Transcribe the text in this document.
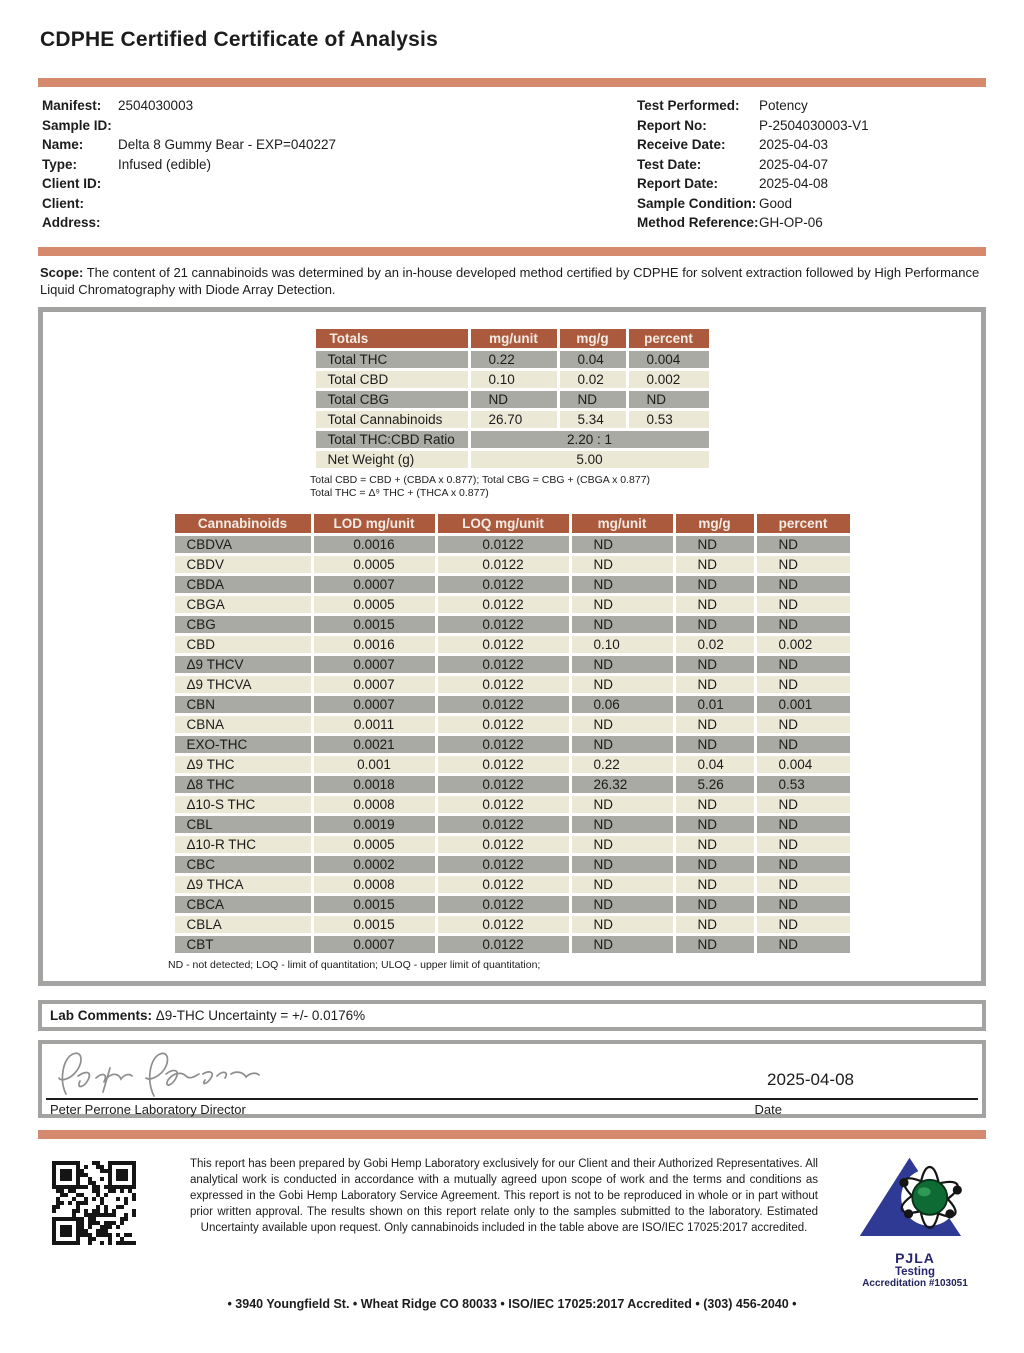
CDPHE Certified Certificate of Analysis
Manifest:	2504030003
Sample ID:
Name:	Delta 8 Gummy Bear - EXP=040227
Type:	Infused (edible)
Client ID:
Client:
Address:
Test Performed:	Potency
Report No:	P-2504030003-V1
Receive Date:	2025-04-03
Test Date:	2025-04-07
Report Date:	2025-04-08
Sample Condition: Good
Method Reference: GH-OP-06
Scope: The content of 21 cannabinoids was determined by an in-house developed method certified by CDPHE for solvent extraction followed by High Performance Liquid Chromatography with Diode Array Detection.
Totals	mg/unit	mg/g	percent
Total THC	0.22	0.04	0.004
Total CBD	0.10	0.02	0.002
Total CBG	ND	ND	ND
Total Cannabinoids	26.70	5.34	0.53
Total THC:CBD Ratio	2.20 : 1		
Net Weight (g)	5.00		
Total CBD = CBD + (CBDA x 0.877); Total CBG = CBG + (CBGA x 0.877)
Total THC = Δ⁹ THC + (THCA x 0.877)
Cannabinoids	LOD mg/unit	LOQ mg/unit	mg/unit	mg/g	percent
CBDVA	0.0016	0.0122	ND	ND	ND
CBDV	0.0005	0.0122	ND	ND	ND
CBDA	0.0007	0.0122	ND	ND	ND
CBGA	0.0005	0.0122	ND	ND	ND
CBG	0.0015	0.0122	ND	ND	ND
CBD	0.0016	0.0122	0.10	0.02	0.002
Δ9 THCV	0.0007	0.0122	ND	ND	ND
Δ9 THCVA	0.0007	0.0122	ND	ND	ND
CBN	0.0007	0.0122	0.06	0.01	0.001
CBNA	0.0011	0.0122	ND	ND	ND
EXO-THC	0.0021	0.0122	ND	ND	ND
Δ9 THC	0.001	0.0122	0.22	0.04	0.004
Δ8 THC	0.0018	0.0122	26.32	5.26	0.53
Δ10-S THC	0.0008	0.0122	ND	ND	ND
CBL	0.0019	0.0122	ND	ND	ND
Δ10-R THC	0.0005	0.0122	ND	ND	ND
CBC	0.0002	0.0122	ND	ND	ND
Δ9 THCA	0.0008	0.0122	ND	ND	ND
CBCA	0.0015	0.0122	ND	ND	ND
CBLA	0.0015	0.0122	ND	ND	ND
CBT	0.0007	0.0122	ND	ND	ND
ND - not detected; LOQ - limit of quantitation; ULOQ - upper limit of quantitation;
Lab Comments: Δ9-THC Uncertainty = +/- 0.0176%
2025-04-08
Peter Perrone Laboratory Director	Date
This report has been prepared by Gobi Hemp Laboratory exclusively for our Client and their Authorized Representatives. All analytical work is conducted in accordance with a mutually agreed upon scope of work and the terms and conditions as expressed in the Gobi Hemp Laboratory Service Agreement. This report is not to be reproduced in whole or in part without prior written approval. The results shown on this report relate only to the samples submitted to the laboratory. Estimated Uncertainty available upon request. Only cannabinoids included in the table above are ISO/IEC 17025:2017 accredited.
PJLA
Testing
Accreditation #103051
• 3940 Youngfield St. • Wheat Ridge CO 80033 • ISO/IEC 17025:2017 Accredited • (303) 456-2040 •
